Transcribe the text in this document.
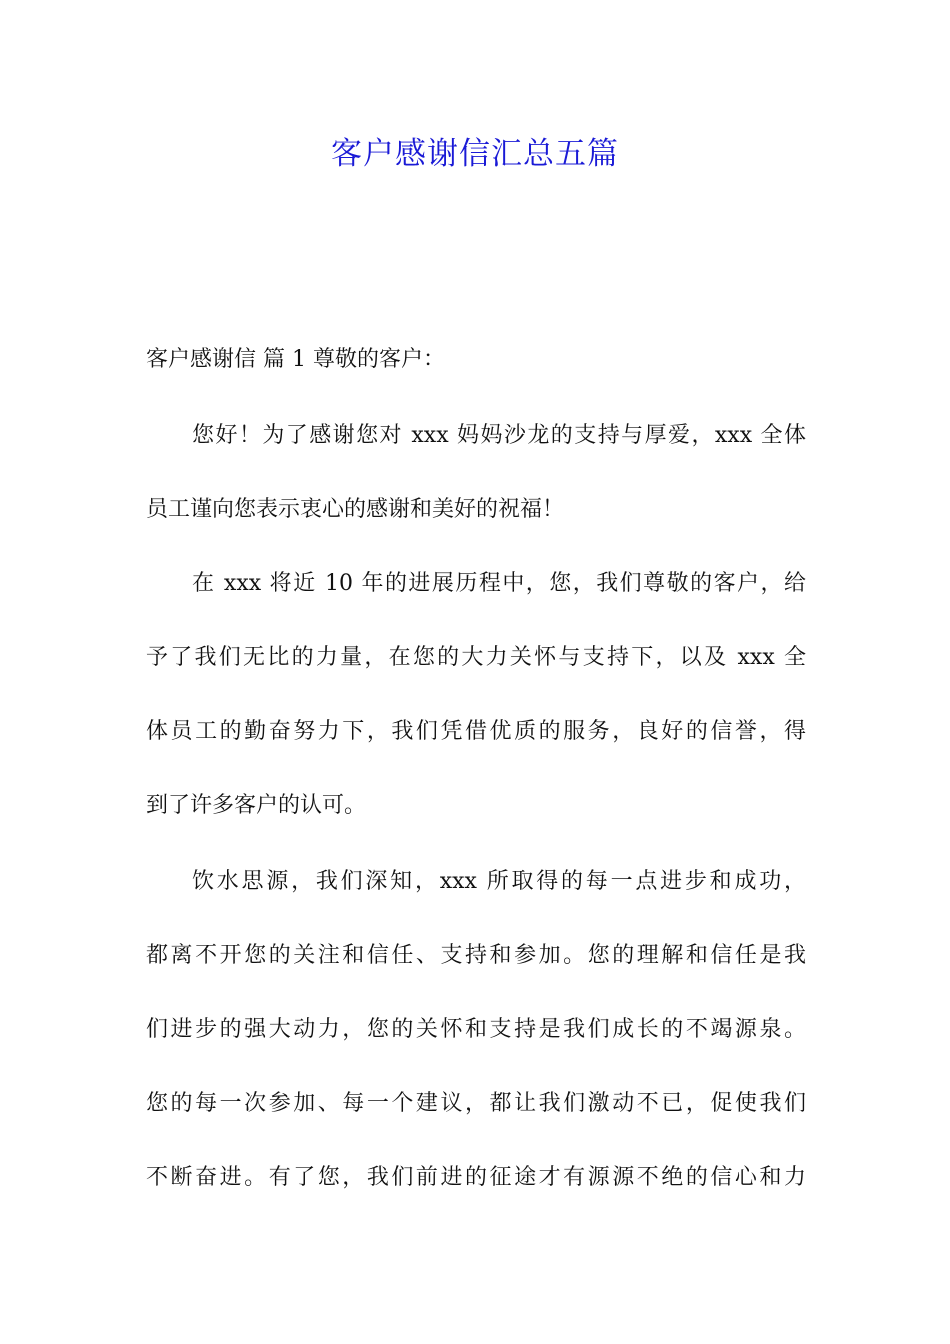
客户感谢信汇总五篇
客户感谢信 篇 1 尊敬的客户：
您好！为了感谢您对 xxx 妈妈沙龙的支持与厚爱，xxx 全体
员工谨向您表示衷心的感谢和美好的祝福！
在 xxx 将近 10 年的进展历程中，您，我们尊敬的客户，给
予了我们无比的力量，在您的大力关怀与支持下，以及 xxx 全
体员工的勤奋努力下，我们凭借优质的服务，良好的信誉，得
到了许多客户的认可。
饮水思源，我们深知，xxx 所取得的每一点进步和成功，
都离不开您的关注和信任、支持和参加。您的理解和信任是我
们进步的强大动力，您的关怀和支持是我们成长的不竭源泉。
您的每一次参加、每一个建议，都让我们激动不已，促使我们
不断奋进。有了您，我们前进的征途才有源源不绝的信心和力
